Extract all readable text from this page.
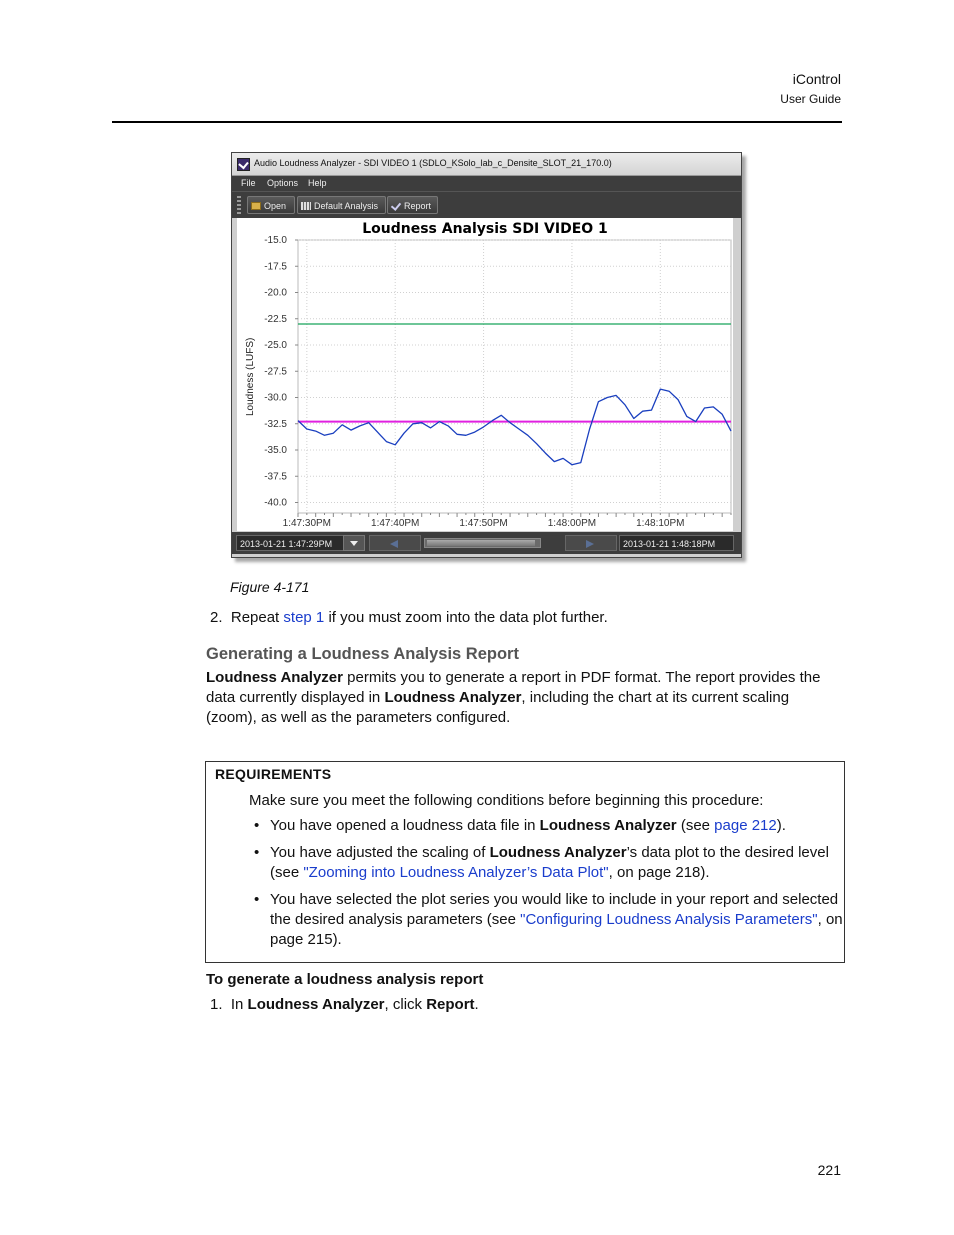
iControl
User Guide
Audio Loudness Analyzer - SDI VIDEO 1 (SDLO_KSolo_lab_c_Densite_SLOT_21_170.0)
File Options Help
Open	Default Analysis	Report
Loudness Analysis SDI VIDEO 1
Loudness (LUFS)
-15.0
-17.5
-20.0
-22.5
-25.0
-27.5
-30.0
-32.5
-35.0
-37.5
-40.0
1:47:30PM	1:47:40PM	1:47:50PM	1:48:00PM	1:48:10PM
2013-01-21 1:47:29PM	2013-01-21 1:48:18PM
Figure 4-171
2. Repeat step 1 if you must zoom into the data plot further.
Generating a Loudness Analysis Report
Loudness Analyzer permits you to generate a report in PDF format. The report provides the
data currently displayed in Loudness Analyzer, including the chart at its current scaling
(zoom), as well as the parameters configured.
REQUIREMENTS
Make sure you meet the following conditions before beginning this procedure:
• You have opened a loudness data file in Loudness Analyzer (see page 212).
• You have adjusted the scaling of Loudness Analyzer’s data plot to the desired level
(see "Zooming into Loudness Analyzer’s Data Plot", on page 218).
• You have selected the plot series you would like to include in your report and selected
the desired analysis parameters (see "Configuring Loudness Analysis Parameters", on
page 215).
To generate a loudness analysis report
1. In Loudness Analyzer, click Report.
221
